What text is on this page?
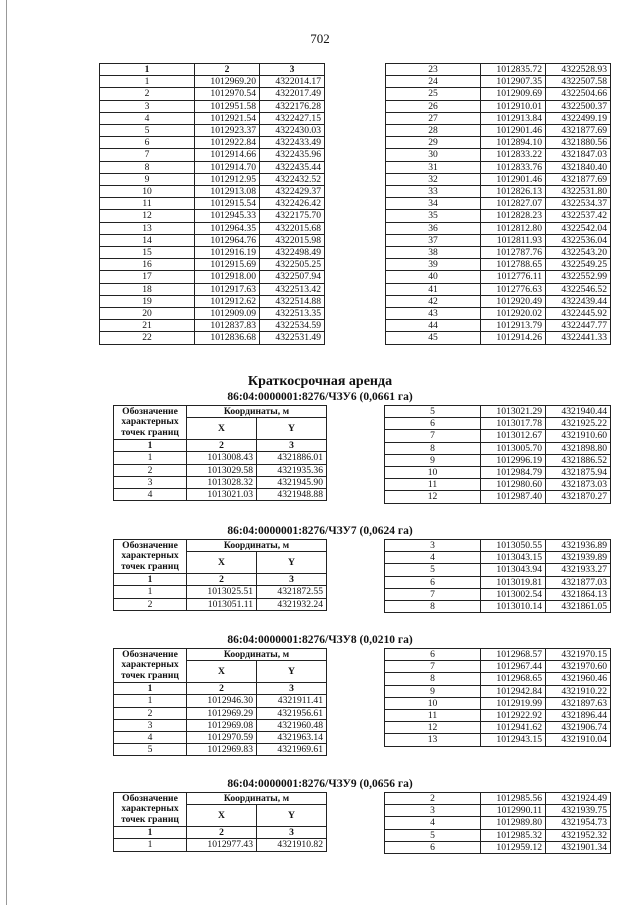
702
1	2	3
1	1012969.20	4322014.17
2	1012970.54	4322017.49
3	1012951.58	4322176.28
4	1012921.54	4322427.15
5	1012923.37	4322430.03
6	1012922.84	4322433.49
7	1012914.66	4322435.96
8	1012914.70	4322435.44
9	1012912.95	4322432.52
10	1012913.08	4322429.37
11	1012915.54	4322426.42
12	1012945.33	4322175.70
13	1012964.35	4322015.68
14	1012964.76	4322015.98
15	1012916.19	4322498.49
16	1012915.69	4322505.25
17	1012918.00	4322507.94
18	1012917.63	4322513.42
19	1012912.62	4322514.88
20	1012909.09	4322513.35
21	1012837.83	4322534.59
22	1012836.68	4322531.49
23	1012835.72	4322528.93
24	1012907.35	4322507.58
25	1012909.69	4322504.66
26	1012910.01	4322500.37
27	1012913.84	4322499.19
28	1012901.46	4321877.69
29	1012894.10	4321880.56
30	1012833.22	4321847.03
31	1012833.76	4321840.40
32	1012901.46	4321877.69
33	1012826.13	4322531.80
34	1012827.07	4322534.37
35	1012828.23	4322537.42
36	1012812.80	4322542.04
37	1012811.93	4322536.04
38	1012787.76	4322543.20
39	1012788.65	4322549.25
40	1012776.11	4322552.99
41	1012776.63	4322546.52
42	1012920.49	4322439.44
43	1012920.02	4322445.92
44	1012913.79	4322447.77
45	1012914.26	4322441.33
Краткосрочная аренда
86:04:0000001:8276/ЧЗУ6 (0,0661 га)
Обозначение характерных точек границ	Координаты, м	
	X	Y
1	2	3
1	1013008.43	4321886.01
2	1013029.58	4321935.36
3	1013028.32	4321945.90
4	1013021.03	4321948.88
5	1013021.29	4321940.44
6	1013017.78	4321925.22
7	1013012.67	4321910.60
8	1013005.70	4321898.80
9	1012996.19	4321886.52
10	1012984.79	4321875.94
11	1012980.60	4321873.03
12	1012987.40	4321870.27
86:04:0000001:8276/ЧЗУ7 (0,0624 га)
Обозначение характерных точек границ	Координаты, м	
	X	Y
1	2	3
1	1013025.51	4321872.55
2	1013051.11	4321932.24
3	1013050.55	4321936.89
4	1013043.15	4321939.89
5	1013043.94	4321933.27
6	1013019.81	4321877.03
7	1013002.54	4321864.13
8	1013010.14	4321861.05
86:04:0000001:8276/ЧЗУ8 (0,0210 га)
Обозначение характерных точек границ	Координаты, м	
	X	Y
1	2	3
1	1012946.30	4321911.41
2	1012969.29	4321956.61
3	1012969.08	4321960.48
4	1012970.59	4321963.14
5	1012969.83	4321969.61
6	1012968.57	4321970.15
7	1012967.44	4321970.60
8	1012968.65	4321960.46
9	1012942.84	4321910.22
10	1012919.99	4321897.63
11	1012922.92	4321896.44
12	1012941.62	4321906.74
13	1012943.15	4321910.04
86:04:0000001:8276/ЧЗУ9 (0,0656 га)
Обозначение характерных точек границ	Координаты, м	
	X	Y
1	2	3
1	1012977.43	4321910.82
2	1012985.56	4321924.49
3	1012990.11	4321939.75
4	1012989.80	4321954.73
5	1012985.32	4321952.32
6	1012959.12	4321901.34
